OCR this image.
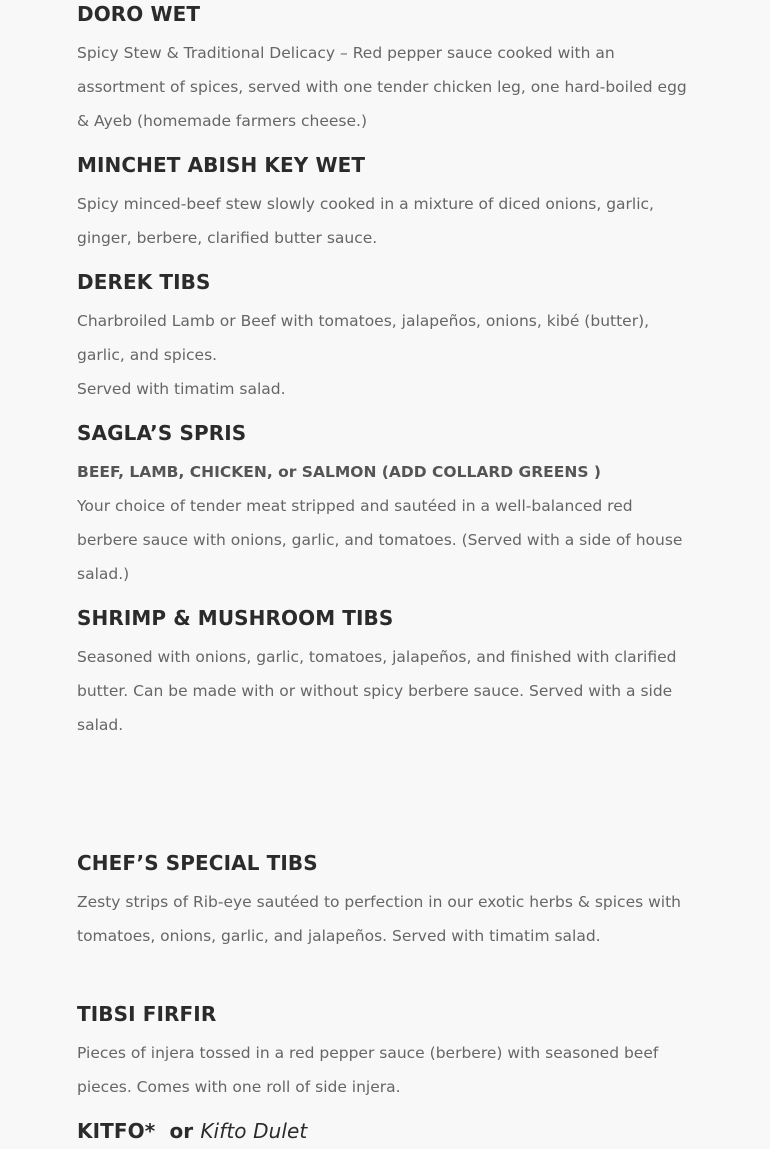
DORO WET

Spicy Stew & Traditional Delicacy – Red pepper sauce cooked with an assortment of spices, served with one tender chicken leg, one hard-boiled egg & Ayeb (homemade farmers cheese.)

MINCHET ABISH KEY WET

Spicy minced-beef stew slowly cooked in a mixture of diced onions, garlic, ginger, berbere, clarified butter sauce.

DEREK TIBS

Charbroiled Lamb or Beef with tomatoes, jalapeños, onions, kibé (butter), garlic, and spices.

Served with timatim salad.

SAGLA’S SPRIS

BEEF, LAMB, CHICKEN, or SALMON (ADD COLLARD GREENS )

Your choice of tender meat stripped and sautéed in a well-balanced red berbere sauce with onions, garlic, and tomatoes. (Served with a side of house salad.)

SHRIMP & MUSHROOM TIBS

Seasoned with onions, garlic, tomatoes, jalapeños, and finished with clarified butter. Can be made with or without spicy berbere sauce. Served with a side salad.

CHEF’S SPECIAL TIBS

Zesty strips of Rib-eye sautéed to perfection in our exotic herbs & spices with tomatoes, onions, garlic, and jalapeños. Served with timatim salad.

TIBSI FIRFIR

Pieces of injera tossed in a red pepper sauce (berbere) with seasoned beef pieces. Comes with one roll of side injera.

KITFO* or Kifto Dulet
